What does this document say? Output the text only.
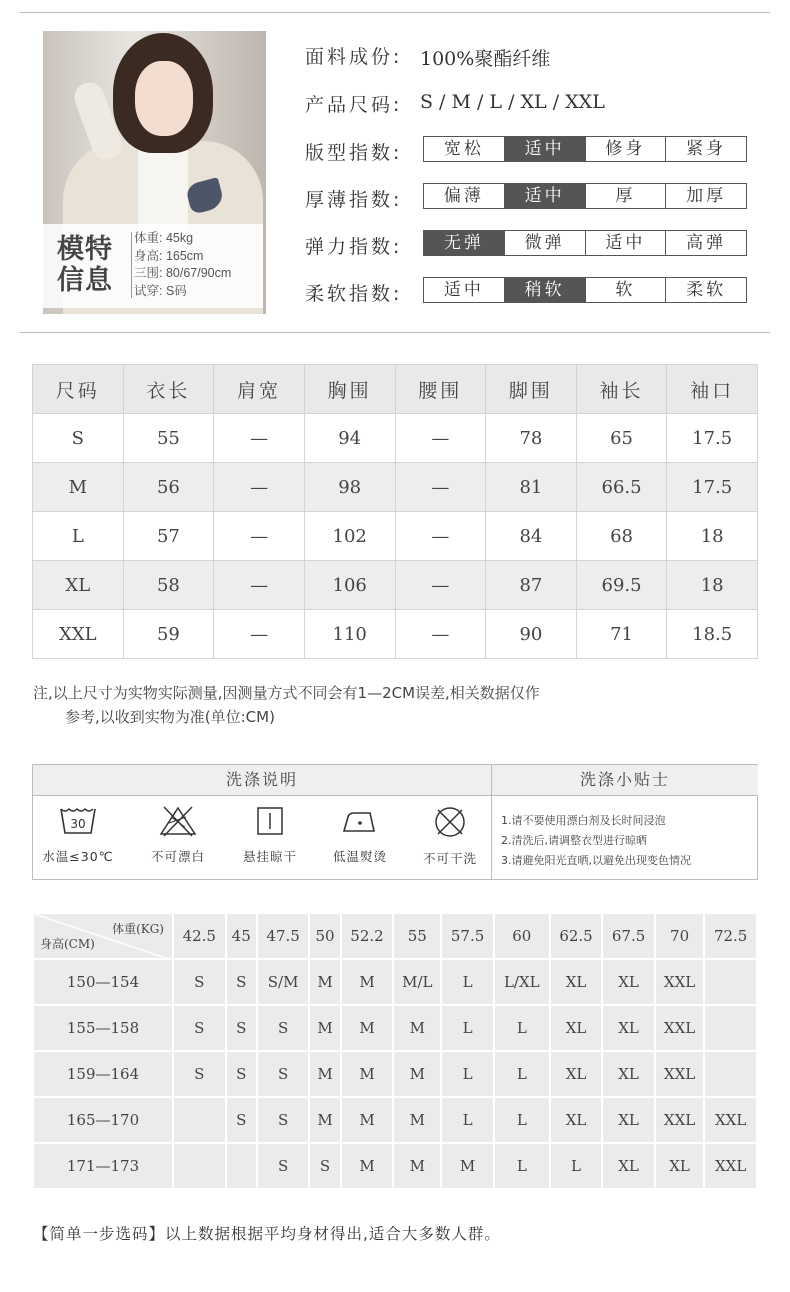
模特信息
体重: 45kg
身高: 165cm
三围: 80/67/90cm
试穿: S码
面料成份: 100%聚酯纤维
产品尺码: S / M / L / XL / XXL
版型指数:	宽松	适中	修身	紧身
厚薄指数:	偏薄	适中	厚	加厚
弹力指数:	无弹	微弹	适中	高弹
柔软指数:	适中	稍软	软	柔软
尺码	衣长	肩宽	胸围	腰围	脚围	袖长	袖口
S	55	—	94	—	78	65	17.5
M	56	—	98	—	81	66.5	17.5
L	57	—	102	—	84	68	18
XL	58	—	106	—	87	69.5	18
XXL	59	—	110	—	90	71	18.5
注,以上尺寸为实物实际测量,因测量方式不同会有1—2CM误差,相关数据仅作
参考,以收到实物为准(单位:CM)
洗涤说明	洗涤小贴士
30
水温≤30℃	不可漂白	悬挂晾干	低温熨烫	不可干洗
1.请不要使用漂白剂及长时间浸泡
2.清洗后,请调整衣型进行晾晒
3.请避免阳光直晒,以避免出现变色情况
体重(KG)
身高(CM)	42.5	45	47.5	50	52.2	55	57.5	60	62.5	67.5	70	72.5
150—154	S	S	S/M	M	M	M/L	L	L/XL	XL	XL	XXL	
155—158	S	S	S	M	M	M	L	L	XL	XL	XXL	
159—164	S	S	S	M	M	M	L	L	XL	XL	XXL	
165—170		S	S	M	M	M	L	L	XL	XL	XXL	XXL
171—173			S	S	M	M	M	L	L	XL	XL	XXL
【简单一步选码】以上数据根据平均身材得出,适合大多数人群。
